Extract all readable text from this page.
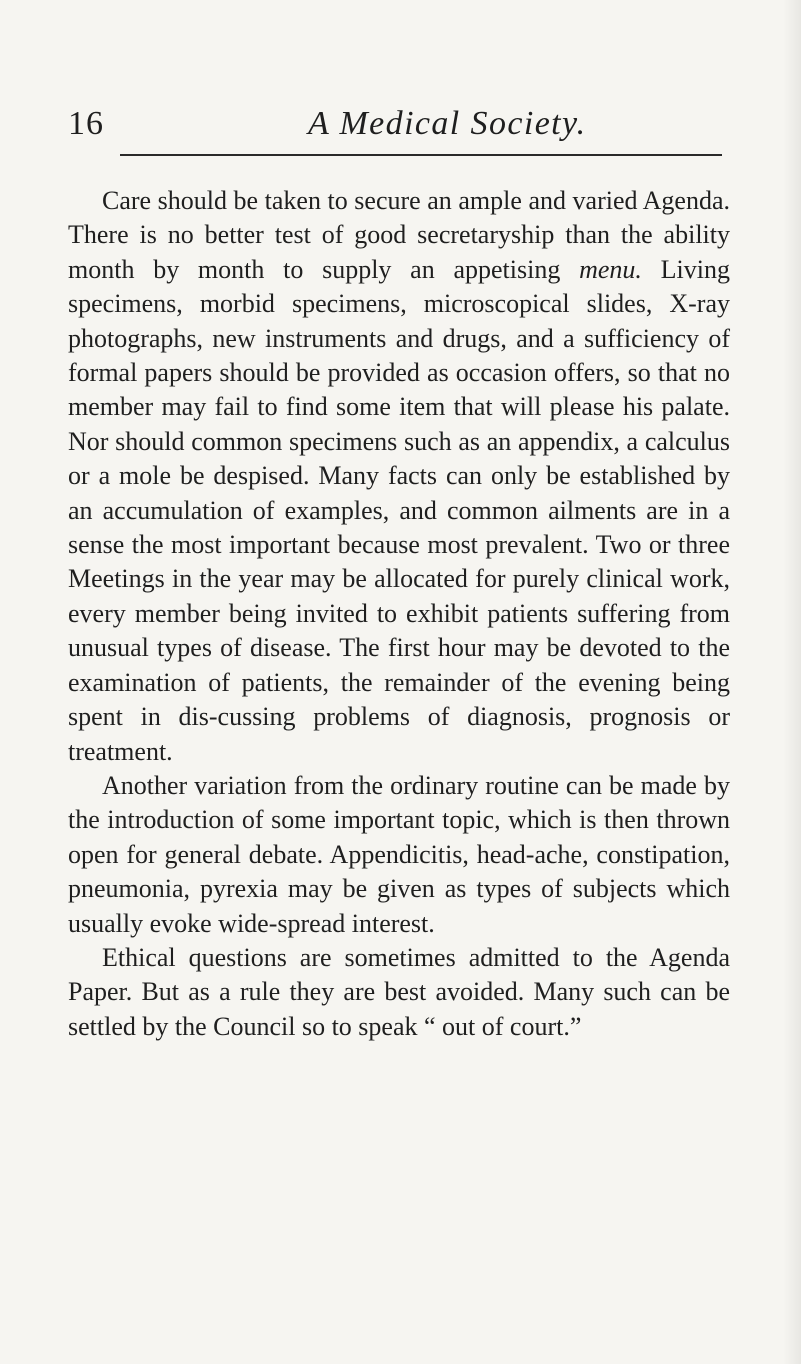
16	A Medical Society.

Care should be taken to secure an ample and varied Agenda. There is no better test of good secretaryship than the ability month by month to supply an appetising menu. Living specimens, morbid specimens, microscopical slides, X-ray photographs, new instruments and drugs, and a sufficiency of formal papers should be provided as occasion offers, so that no member may fail to find some item that will please his palate. Nor should common specimens such as an appendix, a calculus or a mole be despised. Many facts can only be established by an accumulation of examples, and common ailments are in a sense the most important because most prevalent. Two or three Meetings in the year may be allocated for purely clinical work, every member being invited to exhibit patients suffering from unusual types of disease. The first hour may be devoted to the examination of patients, the remainder of the evening being spent in dis-cussing problems of diagnosis, prognosis or treatment.

Another variation from the ordinary routine can be made by the introduction of some important topic, which is then thrown open for general debate. Appendicitis, head-ache, constipation, pneumonia, pyrexia may be given as types of subjects which usually evoke wide-spread interest.

Ethical questions are sometimes admitted to the Agenda Paper. But as a rule they are best avoided. Many such can be settled by the Council so to speak “ out of court.”
